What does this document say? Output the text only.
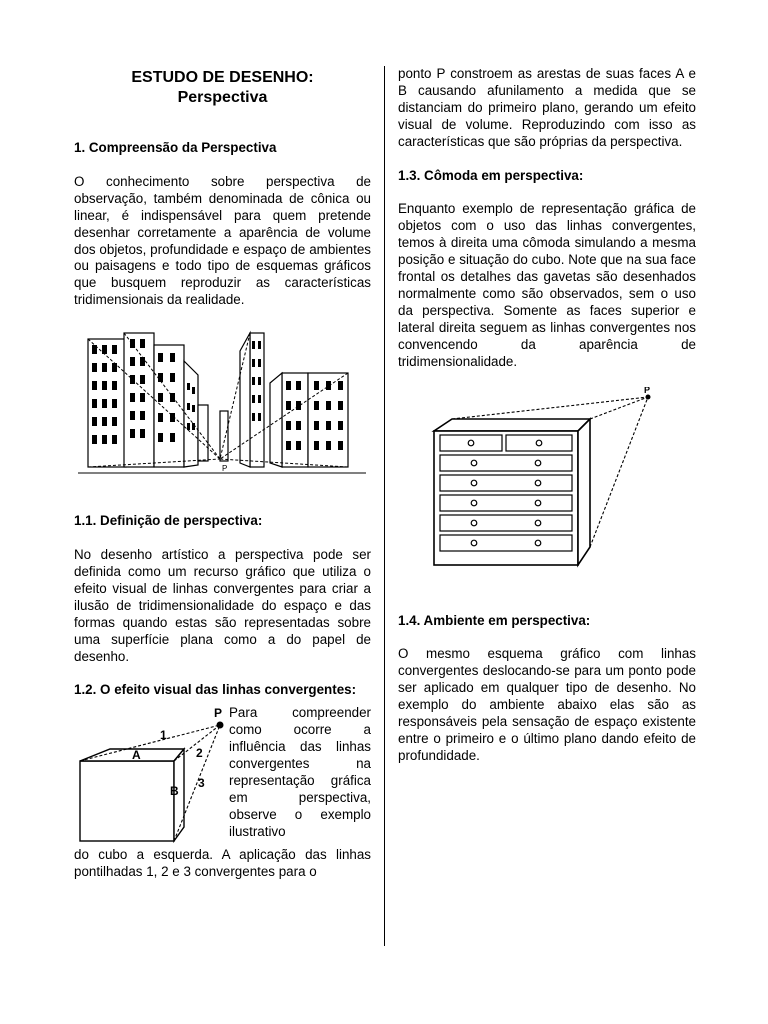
ESTUDO DE DESENHO:
Perspectiva
1. Compreensão da Perspectiva

O conhecimento sobre perspectiva de observação, também denominada de cônica ou linear, é indispensável para quem pretende desenhar corretamente a aparência de volume dos objetos, profundidade e espaço de ambientes ou paisagens e todo tipo de esquemas gráficos que busquem reproduzir as características tridimensionais da realidade.

P
1.1. Definição de perspectiva:

No desenho artístico a perspectiva pode ser definida como um recurso gráfico que utiliza o efeito visual de linhas convergentes para criar a ilusão de tridimensionalidade do espaço e das formas quando estas são representadas sobre uma superfície plana como a do papel de desenho.

1.2. O efeito visual das linhas convergentes:

P
A
B
1
2
3

Para compreender como ocorre a influência das linhas convergentes na representação gráfica em perspectiva, observe o exemplo ilustrativo

do cubo a esquerda. A aplicação das linhas pontilhadas 1, 2 e 3 convergentes para o

ponto P constroem as arestas de suas faces A e B causando afunilamento a medida que se distanciam do primeiro plano, gerando um efeito visual de volume. Reproduzindo com isso as características que são próprias da perspectiva.

1.3. Cômoda em perspectiva:

Enquanto exemplo de representação gráfica de objetos com o uso das linhas convergentes, temos à direita uma cômoda simulando a mesma posição e situação do cubo. Note que na sua face frontal os detalhes das gavetas são desenhados normalmente como são observados, sem o uso da perspectiva. Somente as faces superior e lateral direita seguem as linhas convergentes nos convencendo da aparência de tridimensionalidade.

P
1.4. Ambiente em perspectiva:

O mesmo esquema gráfico com linhas convergentes deslocando-se para um ponto pode ser aplicado em qualquer tipo de desenho. No exemplo do ambiente abaixo elas são as responsáveis pela sensação de espaço existente entre o primeiro e o último plano dando efeito de profundidade.
